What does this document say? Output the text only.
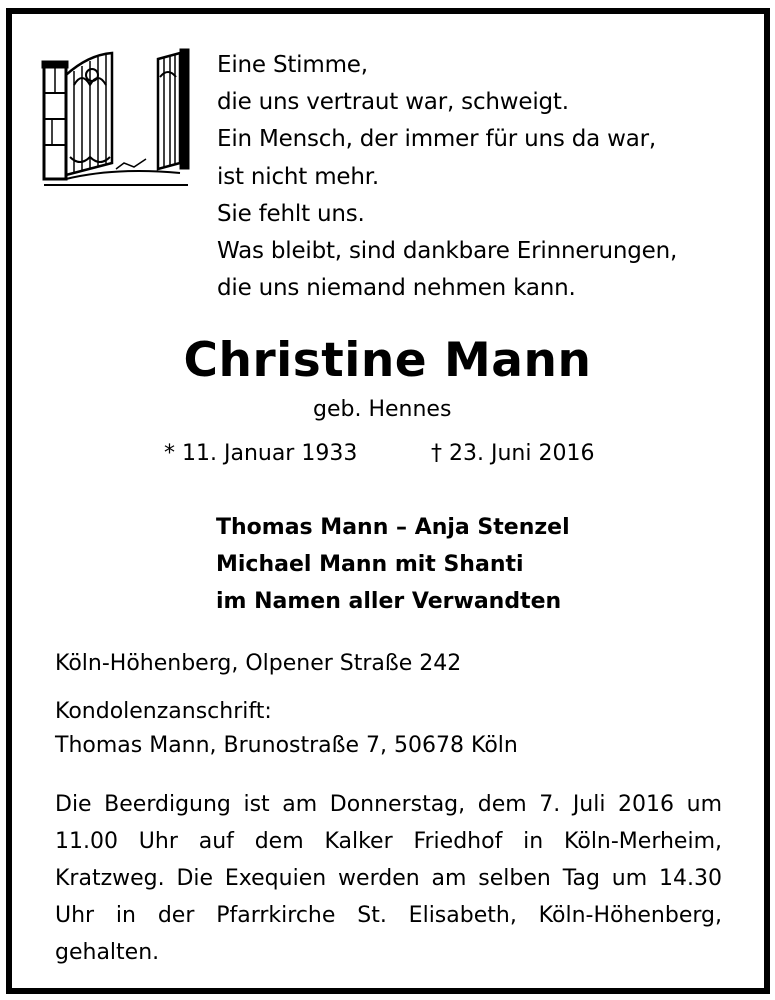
Eine Stimme,
die uns vertraut war, schweigt.
Ein Mensch, der immer für uns da war,
ist nicht mehr.
Sie fehlt uns.
Was bleibt, sind dankbare Erinnerungen,
die uns niemand nehmen kann.
Christine Mann
geb. Hennes
* 11. Januar 1933	† 23. Juni 2016
Thomas Mann – Anja Stenzel
Michael Mann mit Shanti
im Namen aller Verwandten
Köln-Höhenberg, Olpener Straße 242
Kondolenzanschrift:
Thomas Mann, Brunostraße 7, 50678 Köln
Die Beerdigung ist am Donnerstag, dem 7. Juli 2016 um 11.00 Uhr auf dem Kalker Friedhof in Köln-Merheim, Kratzweg. Die Exequien werden am selben Tag um 14.30 Uhr in der Pfarrkirche St. Elisabeth, Köln-Höhenberg, gehalten.
